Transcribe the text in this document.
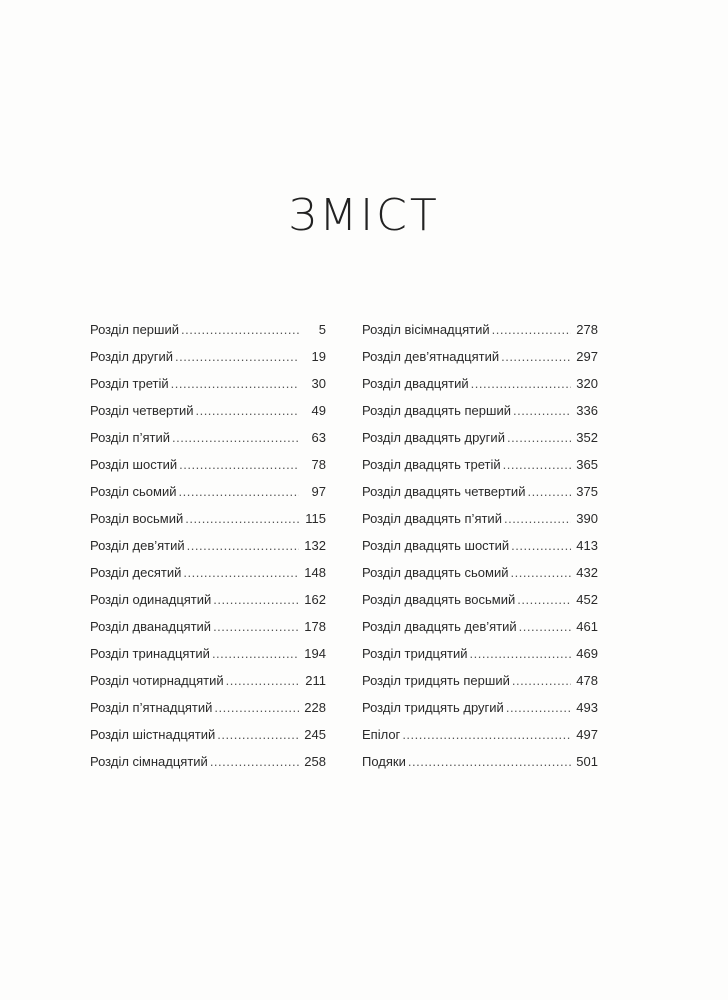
ЗМІСТ
Розділ перший .....	5
Розділ другий .....	19
Розділ третій .....	30
Розділ четвертий .....	49
Розділ п’ятий .....	63
Розділ шостий .....	78
Розділ сьомий .....	97
Розділ восьмий .....	115
Розділ дев’ятий .....	132
Розділ десятий .....	148
Розділ одинадцятий .....	162
Розділ дванадцятий .....	178
Розділ тринадцятий .....	194
Розділ чотирнадцятий .....	211
Розділ п’ятнадцятий .....	228
Розділ шістнадцятий .....	245
Розділ сімнадцятий .....	258
Розділ вісімнадцятий .....	278
Розділ дев’ятнадцятий .....	297
Розділ двадцятий .....	320
Розділ двадцять перший .....	336
Розділ двадцять другий .....	352
Розділ двадцять третій .....	365
Розділ двадцять четвертий .....	375
Розділ двадцять п’ятий .....	390
Розділ двадцять шостий .....	413
Розділ двадцять сьомий .....	432
Розділ двадцять восьмий .....	452
Розділ двадцять дев’ятий .....	461
Розділ тридцятий .....	469
Розділ тридцять перший .....	478
Розділ тридцять другий .....	493
Епілог .....	497
Подяки .....	501
